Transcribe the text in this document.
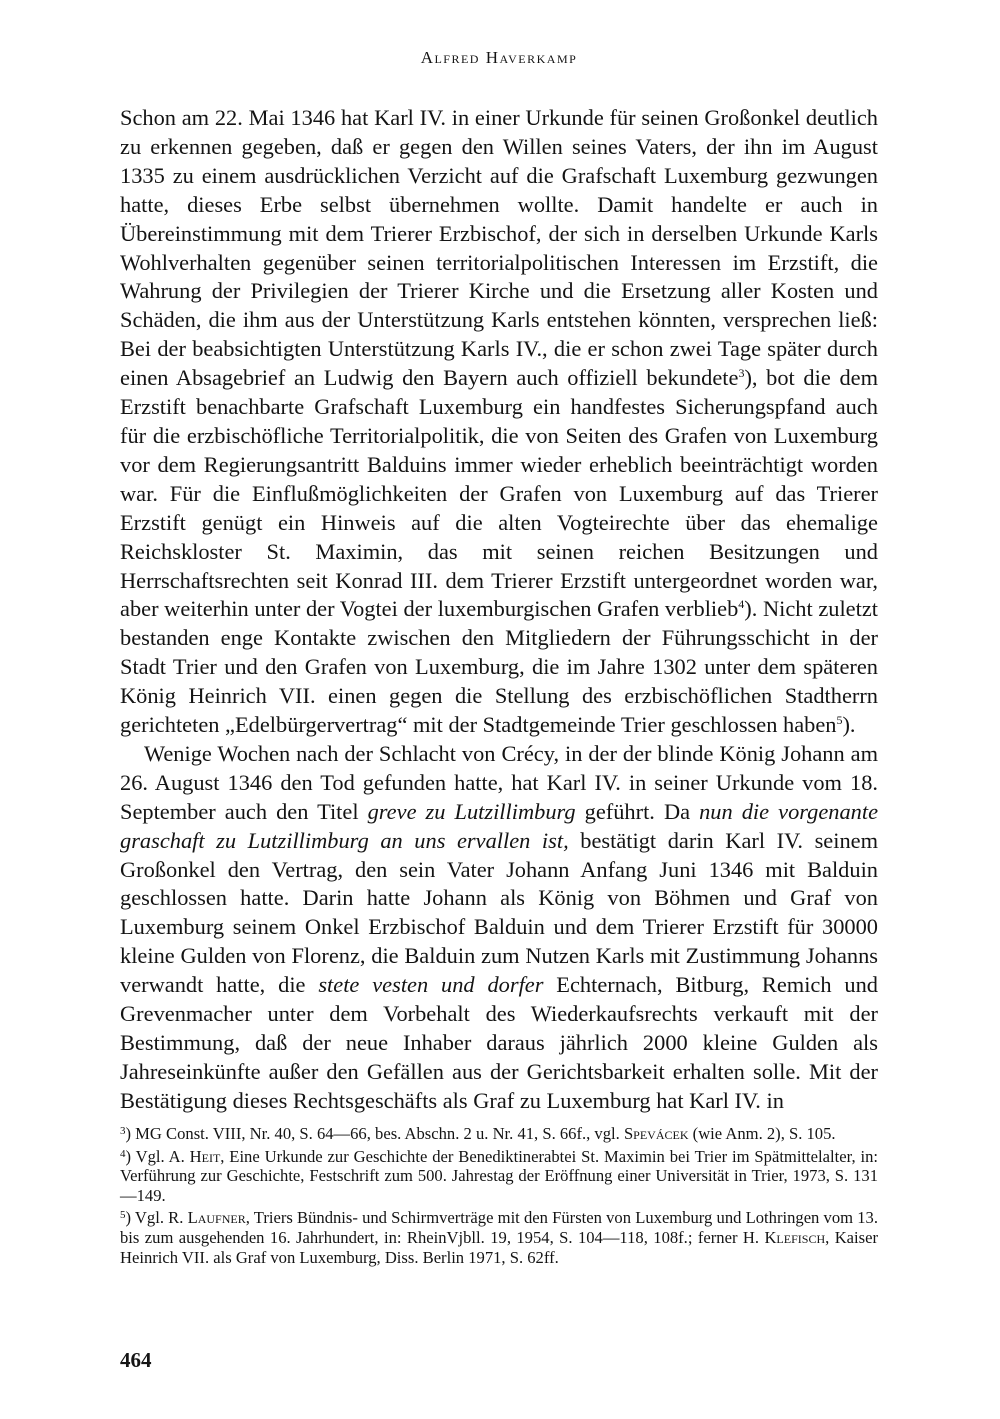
Alfred Haverkamp

Schon am 22. Mai 1346 hat Karl IV. in einer Urkunde für seinen Großonkel deutlich zu erkennen gegeben, daß er gegen den Willen seines Vaters, der ihn im August 1335 zu einem ausdrücklichen Verzicht auf die Grafschaft Luxemburg gezwungen hatte, dieses Erbe selbst übernehmen wollte. Damit handelte er auch in Übereinstimmung mit dem Trierer Erzbischof, der sich in derselben Urkunde Karls Wohlverhalten gegenüber seinen territorialpolitischen Interessen im Erzstift, die Wahrung der Privilegien der Trierer Kirche und die Ersetzung aller Kosten und Schäden, die ihm aus der Unterstützung Karls entstehen könnten, versprechen ließ: Bei der beabsichtigten Unterstützung Karls IV., die er schon zwei Tage später durch einen Absagebrief an Ludwig den Bayern auch offiziell bekundete$^3$), bot die dem Erzstift benachbarte Grafschaft Luxemburg ein handfestes Sicherungspfand auch für die erzbischöfliche Territorialpolitik, die von Seiten des Grafen von Luxemburg vor dem Regierungsantritt Balduins immer wieder erheblich beeinträchtigt worden war. Für die Einflußmöglichkeiten der Grafen von Luxemburg auf das Trierer Erzstift genügt ein Hinweis auf die alten Vogteirechte über das ehemalige Reichskloster St. Maximin, das mit seinen reichen Besitzungen und Herrschaftsrechten seit Konrad III. dem Trierer Erzstift untergeordnet worden war, aber weiterhin unter der Vogtei der luxemburgischen Grafen verblieb$^4$). Nicht zuletzt bestanden enge Kontakte zwischen den Mitgliedern der Führungsschicht in der Stadt Trier und den Grafen von Luxemburg, die im Jahre 1302 unter dem späteren König Heinrich VII. einen gegen die Stellung des erzbischöflichen Stadtherrn gerichteten „Edelbürgervertrag“ mit der Stadtgemeinde Trier geschlossen haben$^5$).

Wenige Wochen nach der Schlacht von Crécy, in der der blinde König Johann am 26. August 1346 den Tod gefunden hatte, hat Karl IV. in seiner Urkunde vom 18. September auch den Titel greve zu Lutzillimburg geführt. Da nun die vorgenante graschaft zu Lutzillimburg an uns ervallen ist, bestätigt darin Karl IV. seinem Großonkel den Vertrag, den sein Vater Johann Anfang Juni 1346 mit Balduin geschlossen hatte. Darin hatte Johann als König von Böhmen und Graf von Luxemburg seinem Onkel Erzbischof Balduin und dem Trierer Erzstift für 30000 kleine Gulden von Florenz, die Balduin zum Nutzen Karls mit Zustimmung Johanns verwandt hatte, die stete vesten und dorfer Echternach, Bitburg, Remich und Grevenmacher unter dem Vorbehalt des Wiederkaufsrechts verkauft mit der Bestimmung, daß der neue Inhaber daraus jährlich 2000 kleine Gulden als Jahreseinkünfte außer den Gefällen aus der Gerichtsbarkeit erhalten solle. Mit der Bestätigung dieses Rechtsgeschäfts als Graf zu Luxemburg hat Karl IV. in

$^3$) MG Const. VIII, Nr. 40, S. 64—66, bes. Abschn. 2 u. Nr. 41, S. 66f., vgl. Spevácek (wie Anm. 2), S. 105.

$^4$) Vgl. A. Heit, Eine Urkunde zur Geschichte der Benediktinerabtei St. Maximin bei Trier im Spätmittelalter, in: Verführung zur Geschichte, Festschrift zum 500. Jahrestag der Eröffnung einer Universität in Trier, 1973, S. 131—149.

$^5$) Vgl. R. Laufner, Triers Bündnis- und Schirmverträge mit den Fürsten von Luxemburg und Lothringen vom 13. bis zum ausgehenden 16. Jahrhundert, in: RheinVjbll. 19, 1954, S. 104—118, 108f.; ferner H. Klefisch, Kaiser Heinrich VII. als Graf von Luxemburg, Diss. Berlin 1971, S. 62ff.

464
